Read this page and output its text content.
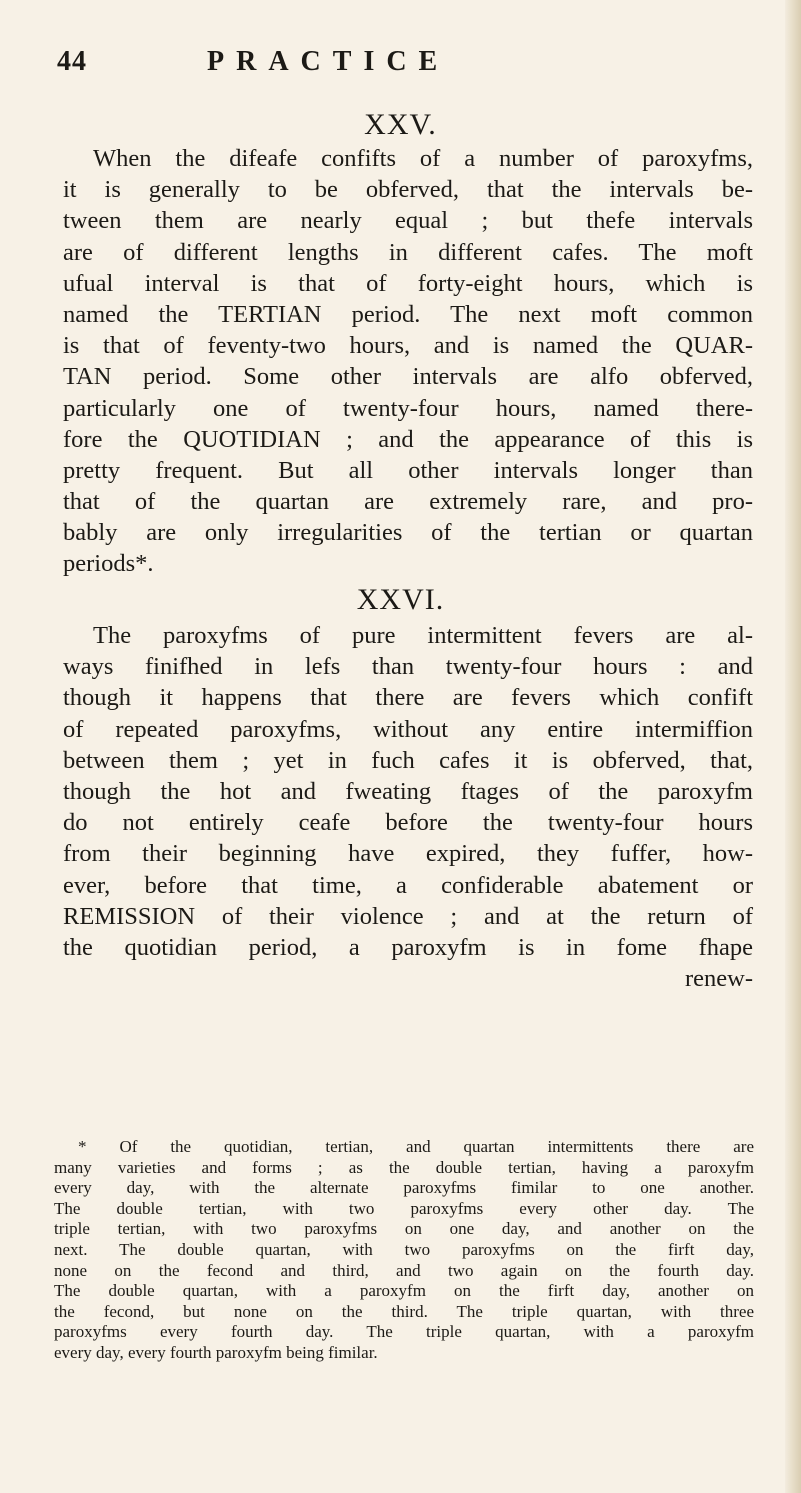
44	PRACTICE
XXV.
When the difeafe confifts of a number of paroxyfms,
it is generally to be obferved, that the intervals be-
tween them are nearly equal ; but thefe intervals
are of different lengths in different cafes. The moft
ufual interval is that of forty-eight hours, which is
named the TERTIAN period. The next moft common
is that of feventy-two hours, and is named the QUAR-
TAN period. Some other intervals are alfo obferved,
particularly one of twenty-four hours, named there-
fore the QUOTIDIAN ; and the appearance of this is
pretty frequent. But all other intervals longer than
that of the quartan are extremely rare, and pro-
bably are only irregularities of the tertian or quartan
periods*.
XXVI.
The paroxyfms of pure intermittent fevers are al-
ways finifhed in lefs than twenty-four hours : and
though it happens that there are fevers which confift
of repeated paroxyfms, without any entire intermiffion
between them ; yet in fuch cafes it is obferved, that,
though the hot and fweating ftages of the paroxyfm
do not entirely ceafe before the twenty-four hours
from their beginning have expired, they fuffer, how-
ever, before that time, a confiderable abatement or
REMISSION of their violence ; and at the return of
the quotidian period, a paroxyfm is in fome fhape
renew-
* Of the quotidian, tertian, and quartan intermittents there are
many varieties and forms ; as the double tertian, having a paroxyfm
every day, with the alternate paroxyfms fimilar to one another.
The double tertian, with two paroxyfms every other day. The
triple tertian, with two paroxyfms on one day, and another on the
next. The double quartan, with two paroxyfms on the firft day,
none on the fecond and third, and two again on the fourth day.
The double quartan, with a paroxyfm on the firft day, another on
the fecond, but none on the third. The triple quartan, with three
paroxyfms every fourth day. The triple quartan, with a paroxyfm
every day, every fourth paroxyfm being fimilar.
